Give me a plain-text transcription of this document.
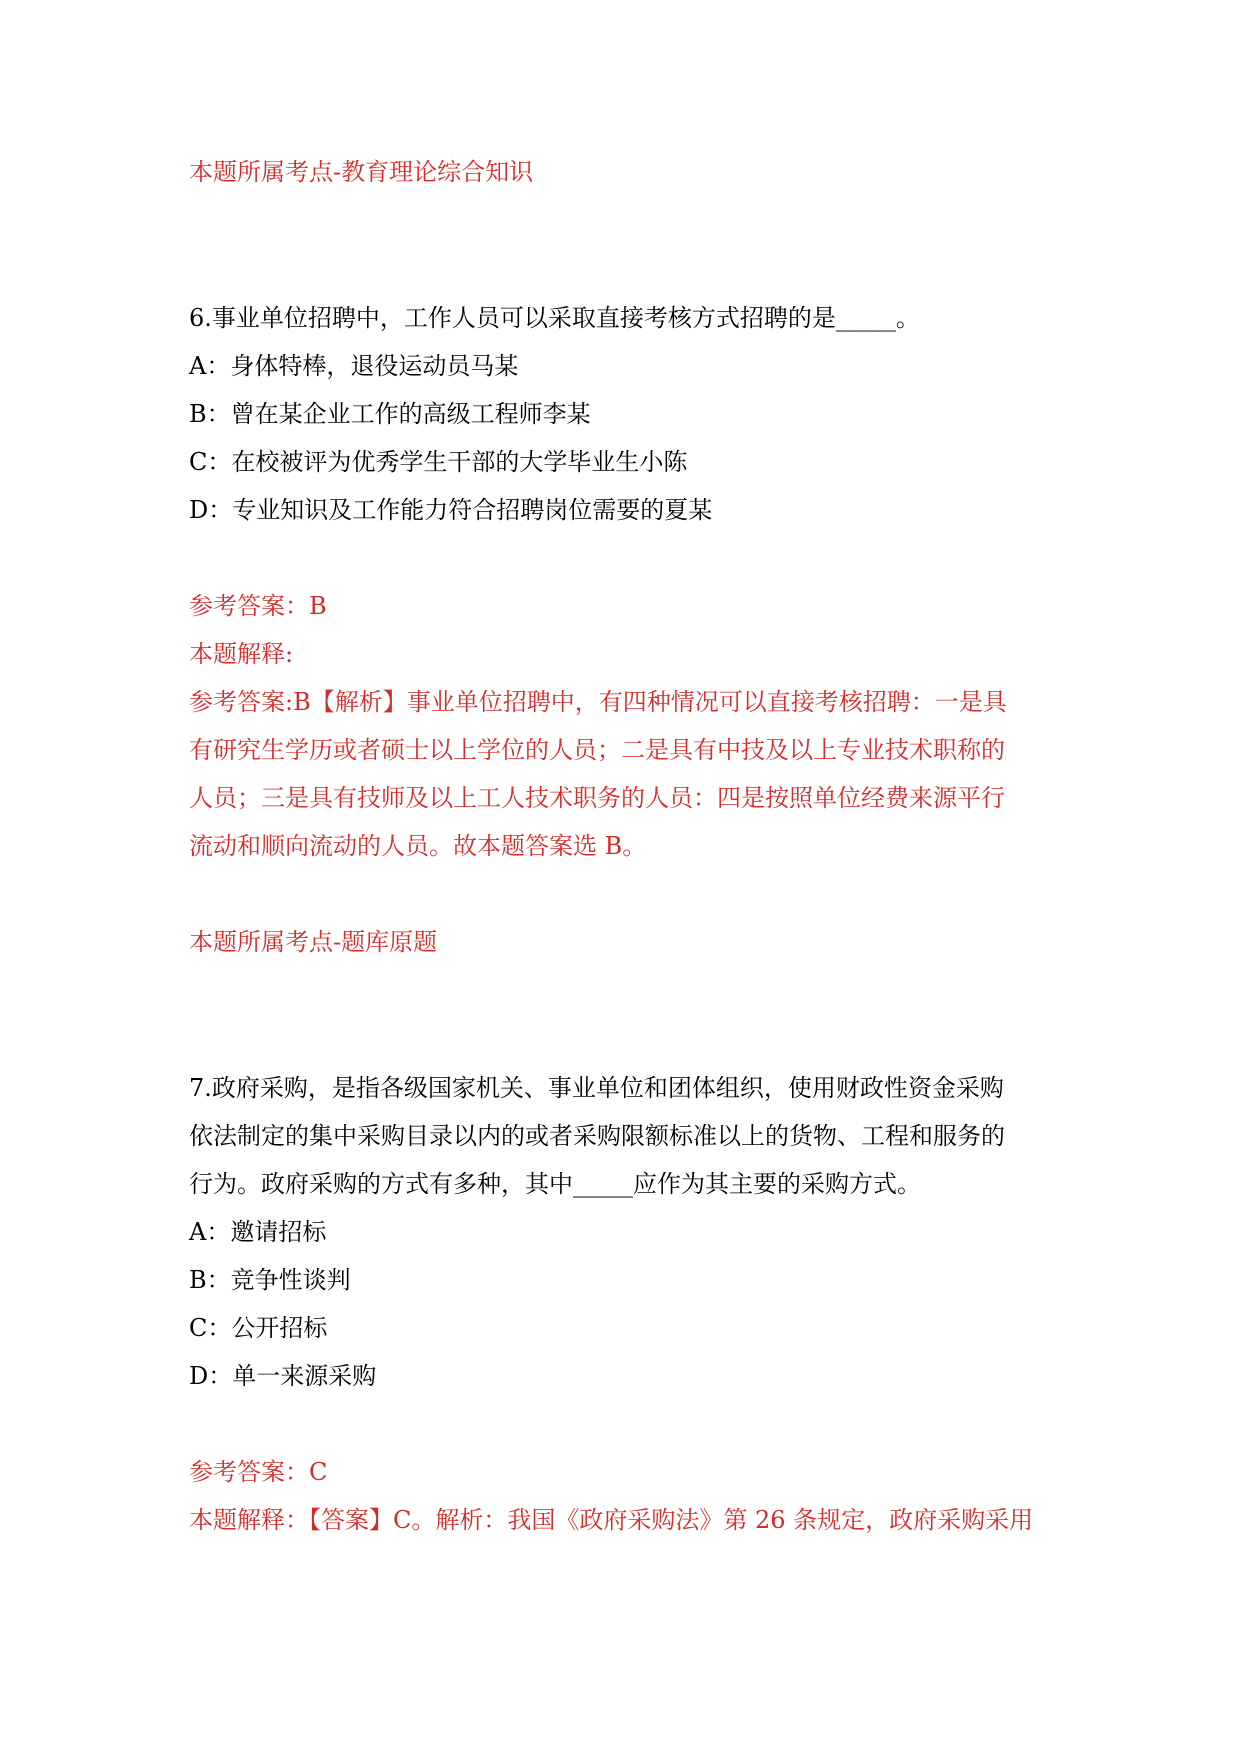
本题所属考点-教育理论综合知识
6.事业单位招聘中，工作人员可以采取直接考核方式招聘的是_____。
A：身体特棒，退役运动员马某
B：曾在某企业工作的高级工程师李某
C：在校被评为优秀学生干部的大学毕业生小陈
D：专业知识及工作能力符合招聘岗位需要的夏某
参考答案：B
本题解释:
参考答案:B【解析】事业单位招聘中，有四种情况可以直接考核招聘：一是具
有研究生学历或者硕士以上学位的人员；二是具有中技及以上专业技术职称的
人员；三是具有技师及以上工人技术职务的人员：四是按照单位经费来源平行
流动和顺向流动的人员。故本题答案选 B。
本题所属考点-题库原题
7.政府采购，是指各级国家机关、事业单位和团体组织，使用财政性资金采购
依法制定的集中采购目录以内的或者采购限额标准以上的货物、工程和服务的
行为。政府采购的方式有多种，其中_____应作为其主要的采购方式。
A：邀请招标
B：竞争性谈判
C：公开招标
D：单一来源采购
参考答案：C
本题解释：【答案】C。解析：我国《政府采购法》第 26 条规定，政府采购采用
